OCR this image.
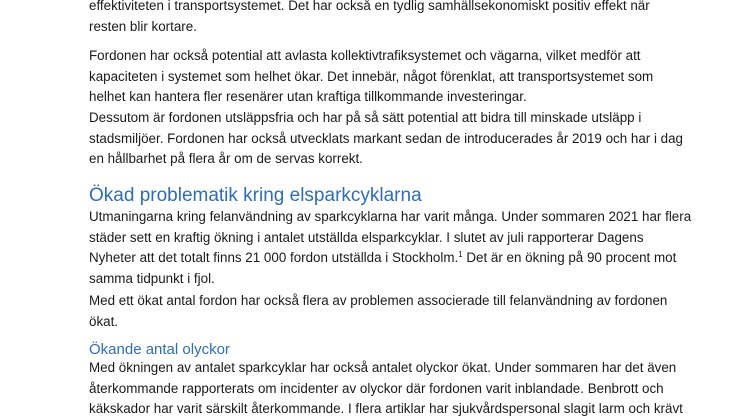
effektiviteten i transportsystemet. Det har också en tydlig samhällsekonomiskt positiv effekt när
resten blir kortare.

Fordonen har också potential att avlasta kollektivtrafiksystemet och vägarna, vilket medför att
kapaciteten i systemet som helhet ökar. Det innebär, något förenklat, att transportsystemet som
helhet kan hantera fler resenärer utan kraftiga tillkommande investeringar.

Dessutom är fordonen utsläppsfria och har på så sätt potential att bidra till minskade utsläpp i
stadsmiljöer. Fordonen har också utvecklats markant sedan de introducerades år 2019 och har i dag
en hållbarhet på flera år om de servas korrekt.

Ökad problematik kring elsparkcyklarna

Utmaningarna kring felanvändning av sparkcyklarna har varit många. Under sommaren 2021 har flera
städer sett en kraftig ökning i antalet utställda elsparkcyklar. I slutet av juli rapporterar Dagens
Nyheter att det totalt finns 21 000 fordon utställda i Stockholm.$^1$ Det är en ökning på 90 procent mot
samma tidpunkt i fjol.

Med ett ökat antal fordon har också flera av problemen associerade till felanvändning av fordonen
ökat.

Ökande antal olyckor

Med ökningen av antalet sparkcyklar har också antalet olyckor ökat. Under sommaren har det även
återkommande rapporterats om incidenter av olyckor där fordonen varit inblandade. Benbrott och
käkskador har varit särskilt återkommande. I flera artiklar har sjukvårdspersonal slagit larm och krävt
